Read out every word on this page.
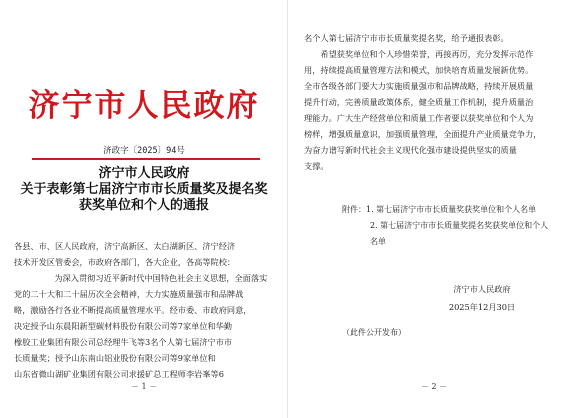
济宁市人民政府
济政字〔2025〕94号
济宁市人民政府
关于表彰第七届济宁市市长质量奖及提名奖
获奖单位和个人的通报

各县、市、区人民政府，济宁高新区、太白湖新区、济宁经济

技术开发区管委会，市政府各部门，各大企业，各高等院校：

为深入贯彻习近平新时代中国特色社会主义思想，全面落实

党的二十大和二十届历次全会精神，大力实施质量强市和品牌战

略，激励各行各业不断提高质量管理水平。经市委、市政府同意，

决定授予山东晨阳新型碳材料股份有限公司等7家单位和华勤

橡胶工业集团有限公司总经理牛飞等3名个人第七届济宁市市

长质量奖；授予山东南山铝业股份有限公司等9家单位和

山东省微山湖矿业集团有限公司求援矿总工程师李岩峯等6

－ 1 －

名个人第七届济宁市市长质量奖提名奖，给予通报表彰。

希望获奖单位和个人珍惜荣誉，再接再厉，充分发挥示范作

用，持续提高质量管理方法和模式，加快培育质量发展新优势。

全市各级各部门要大力实施质量强市和品牌战略，持续开展质量

提升行动，完善质量政策体系，健全质量工作机制，提升质量治

理能力。广大生产经营单位和质量工作者要以获奖单位和个人为

榜样，增强质量意识，加强质量管理，全面提升产业质量竞争力，

为奋力谱写新时代社会主义现代化强市建设提供坚实的质量

支撑。

附件：1. 第七届济宁市市长质量奖获奖单位和个人名单

2. 第七届济宁市市长质量奖提名奖获奖单位和个人

名单

济宁市人民政府
2025年12月30日
（此件公开发布）
－ 2 －
